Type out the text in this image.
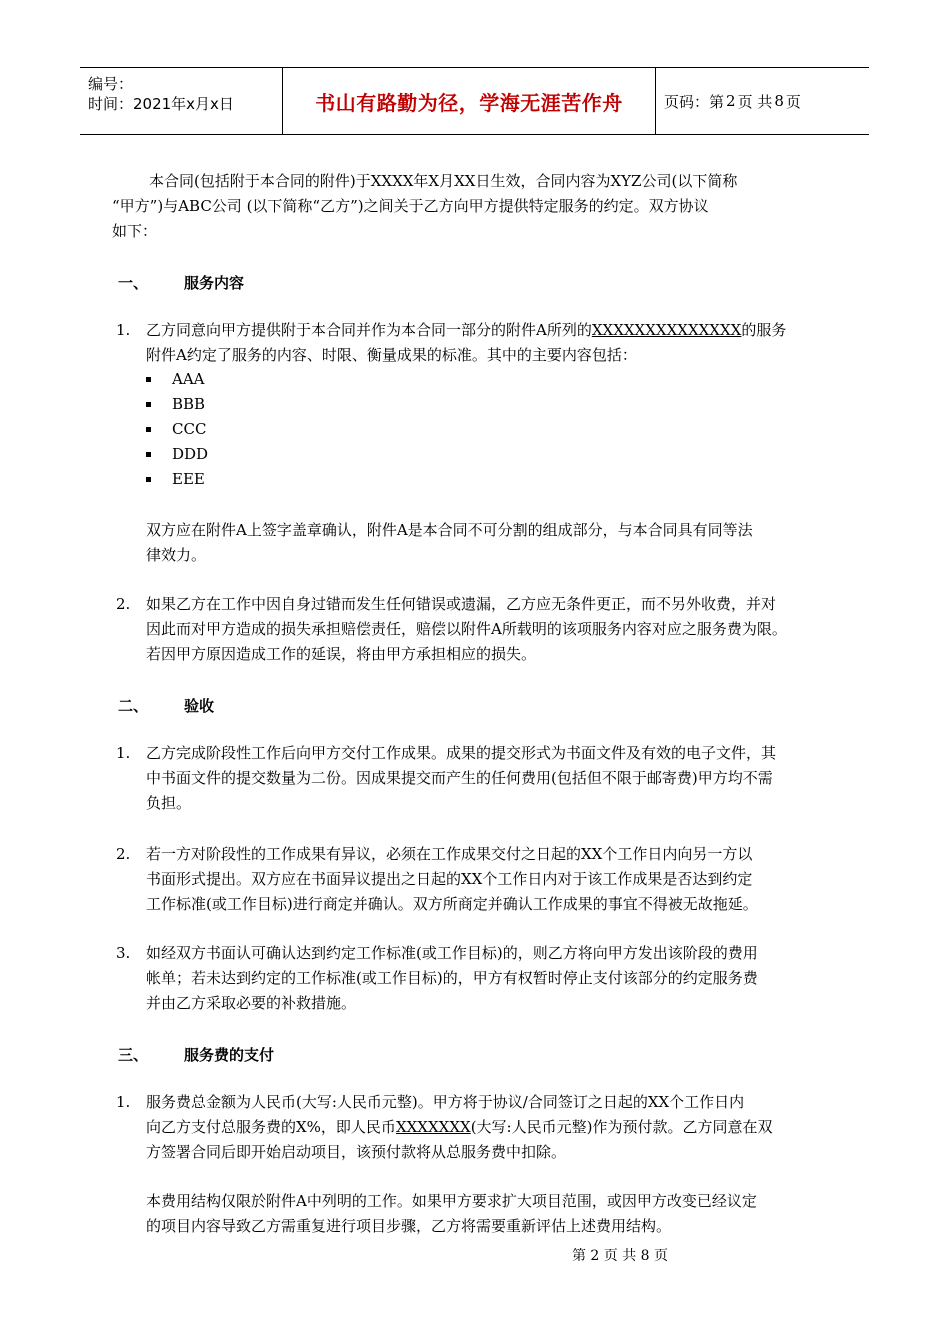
编号：
时间：2021年x月x日	书山有路勤为径，学海无涯苦作舟	页码：第 2 页 共 8 页
本合同(包括附于本合同的附件)于XXXX年X月XX日生效，合同内容为XYZ公司(以下简称
“甲方”)与ABC公司 (以下简称“乙方”)之间关于乙方向甲方提供特定服务的约定。双方协议
如下：
一、 服务内容
1. 乙方同意向甲方提供附于本合同并作为本合同一部分的附件A所列的XXXXXXXXXXXXXX的服务
附件A约定了服务的内容、时限、衡量成果的标准。其中的主要内容包括：
AAA
BBB
CCC
DDD
EEE
双方应在附件A上签字盖章确认，附件A是本合同不可分割的组成部分，与本合同具有同等法
律效力。
2. 如果乙方在工作中因自身过错而发生任何错误或遗漏，乙方应无条件更正，而不另外收费，并对
因此而对甲方造成的损失承担赔偿责任，赔偿以附件A所载明的该项服务内容对应之服务费为限。
若因甲方原因造成工作的延误，将由甲方承担相应的损失。
二、 验收
1. 乙方完成阶段性工作后向甲方交付工作成果。成果的提交形式为书面文件及有效的电子文件，其
中书面文件的提交数量为二份。因成果提交而产生的任何费用(包括但不限于邮寄费)甲方均不需
负担。
2. 若一方对阶段性的工作成果有异议，必须在工作成果交付之日起的XX个工作日内向另一方以
书面形式提出。双方应在书面异议提出之日起的XX个工作日内对于该工作成果是否达到约定
工作标准(或工作目标)进行商定并确认。双方所商定并确认工作成果的事宜不得被无故拖延。
3. 如经双方书面认可确认达到约定工作标准(或工作目标)的，则乙方将向甲方发出该阶段的费用
帐单；若未达到约定的工作标准(或工作目标)的，甲方有权暂时停止支付该部分的约定服务费
并由乙方采取必要的补救措施。
三、 服务费的支付
1. 服务费总金额为人民币(大写:人民币元整)。甲方将于协议/合同签订之日起的XX个工作日内
向乙方支付总服务费的X%，即人民币XXXXXXX(大写:人民币元整)作为预付款。乙方同意在双
方签署合同后即开始启动项目，该预付款将从总服务费中扣除。
本费用结构仅限於附件A中列明的工作。如果甲方要求扩大项目范围，或因甲方改变已经议定
的项目内容导致乙方需重复进行项目步骤，乙方将需要重新评估上述费用结构。
第 2 页 共 8 页
